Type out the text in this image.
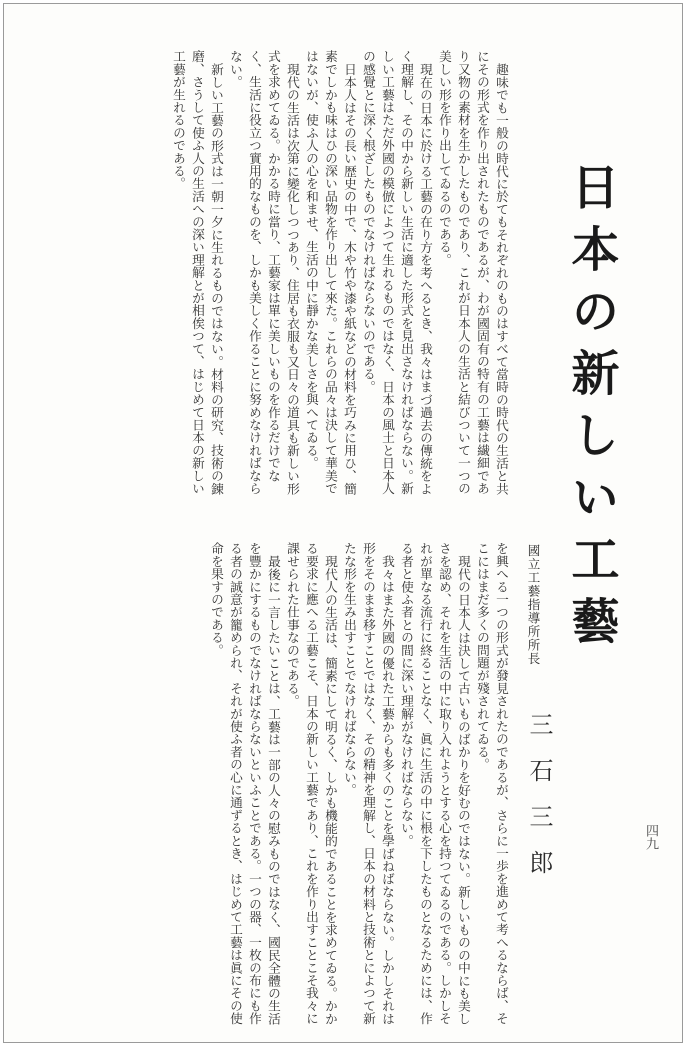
日本の新しい工藝
四九
國立工藝指導所所長
三石三郎

趣味でも一般の時代に於てもそれぞれのものはすべて當時の時代の生活と共にその形式を作り出されたものであるが、わが國固有の特有の工藝は繊細であり又物の素材を生かしたものであり、これが日本人の生活と結びついて一つの美しい形を作り出してゐるのである。

現在の日本に於ける工藝の在り方を考へるとき、我々はまづ過去の傳統をよく理解し、その中から新しい生活に適した形式を見出さなければならない。新しい工藝はただ外國の模倣によつて生れるものではなく、日本の風土と日本人の感覺とに深く根ざしたものでなければならないのである。

日本人はその長い歴史の中で、木や竹や漆や紙などの材料を巧みに用ひ、簡素でしかも味はひの深い品物を作り出して來た。これらの品々は決して華美ではないが、使ふ人の心を和ませ、生活の中に靜かな美しさを與へてゐる。

現代の生活は次第に變化しつつあり、住居も衣服も又日々の道具も新しい形式を求めてゐる。かかる時に當り、工藝家は單に美しいものを作るだけでなく、生活に役立つ實用的なものを、しかも美しく作ることに努めなければならない。

新しい工藝の形式は一朝一夕に生れるものではない。材料の研究、技術の錬磨、さうして使ふ人の生活への深い理解とが相俟つて、はじめて日本の新しい工藝が生れるのである。

を興へる一つの形式が發見されたのであるが、さらに一歩を進めて考へるならば、そこにはまだ多くの問題が殘されてゐる。

現代の日本人は決して古いものばかりを好むのではない。新しいものの中にも美しさを認め、それを生活の中に取り入れようとする心を持つてゐるのである。しかしそれが單なる流行に終ることなく、眞に生活の中に根を下したものとなるためには、作る者と使ふ者との間に深い理解がなければならない。

我々はまた外國の優れた工藝からも多くのことを學ばねばならない。しかしそれは形をそのまま移すことではなく、その精神を理解し、日本の材料と技術とによつて新たな形を生み出すことでなければならない。

現代人の生活は、簡素にして明るく、しかも機能的であることを求めてゐる。かかる要求に應へる工藝こそ、日本の新しい工藝であり、これを作り出すことこそ我々に課せられた仕事なのである。

最後に一言したいことは、工藝は一部の人々の慰みものではなく、國民全體の生活を豐かにするものでなければならないといふことである。一つの器、一枚の布にも作る者の誠意が籠められ、それが使ふ者の心に通ずるとき、はじめて工藝は眞にその使命を果すのである。
